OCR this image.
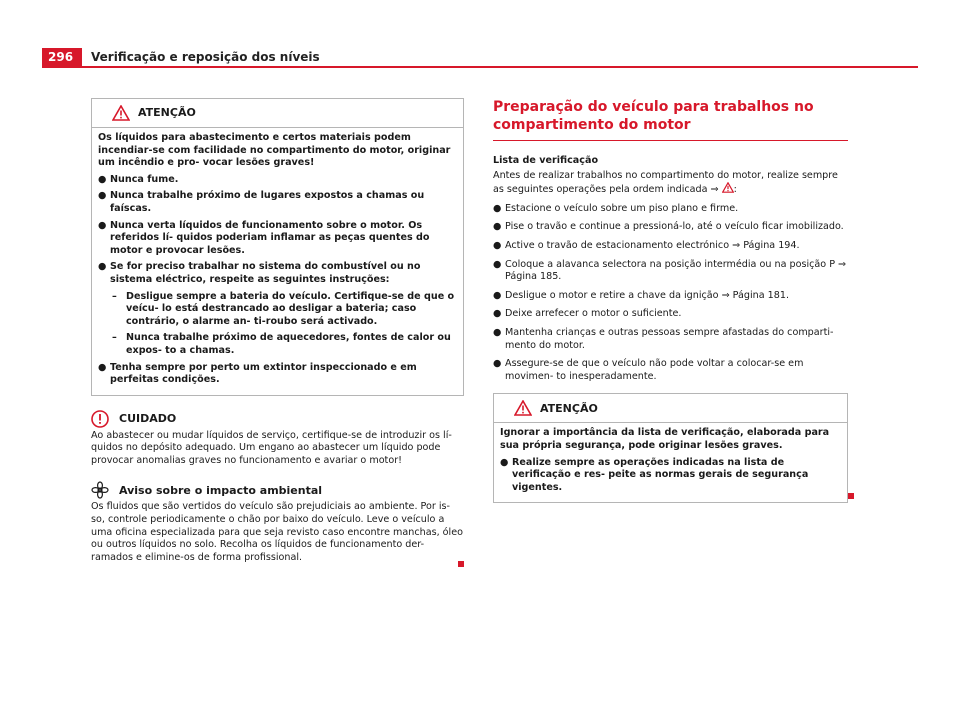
296	Verificação e reposição dos níveis
ATENÇÃO

Os líquidos para abastecimento e certos materiais podem incendiar-se com facilidade no compartimento do motor, originar um incêndio e pro- vocar lesões graves!

● Nunca fume.
● Nunca trabalhe próximo de lugares expostos a chamas ou faíscas.
● Nunca verta líquidos de funcionamento sobre o motor. Os referidos lí- quidos poderiam inflamar as peças quentes do motor e provocar lesões.
● Se for preciso trabalhar no sistema do combustível ou no sistema eléctrico, respeite as seguintes instruções:
– Desligue sempre a bateria do veículo. Certifique-se de que o veícu- lo está destrancado ao desligar a bateria; caso contrário, o alarme an- ti-roubo será activado.
– Nunca trabalhe próximo de aquecedores, fontes de calor ou expos- to a chamas.
● Tenha sempre por perto um extintor inspeccionado e em perfeitas condições.
CUIDADO

Ao abastecer ou mudar líquidos de serviço, certifique-se de introduzir os lí- quidos no depósito adequado. Um engano ao abastecer um líquido pode provocar anomalias graves no funcionamento e avariar o motor!

Aviso sobre o impacto ambiental

Os fluidos que são vertidos do veículo são prejudiciais ao ambiente. Por is- so, controle periodicamente o chão por baixo do veículo. Leve o veículo a uma oficina especializada para que seja revisto caso encontre manchas, óleo ou outros líquidos no solo. Recolha os líquidos de funcionamento der- ramados e elimine-os de forma profissional.

Preparação do veículo para trabalhos no compartimento do motor

Lista de verificação

Antes de realizar trabalhos no compartimento do motor, realize sempre as seguintes operações pela ordem indicada ⇒ :

● Estacione o veículo sobre um piso plano e firme.
● Pise o travão e continue a pressioná-lo, até o veículo ficar imobilizado.
● Active o travão de estacionamento electrónico ⇒ Página 194.
● Coloque a alavanca selectora na posição intermédia ou na posição P ⇒ Página 185.
● Desligue o motor e retire a chave da ignição ⇒ Página 181.
● Deixe arrefecer o motor o suficiente.
● Mantenha crianças e outras pessoas sempre afastadas do comparti- mento do motor.
● Assegure-se de que o veículo não pode voltar a colocar-se em movimen- to inesperadamente.
ATENÇÃO

Ignorar a importância da lista de verificação, elaborada para sua própria segurança, pode originar lesões graves.

● Realize sempre as operações indicadas na lista de verificação e res- peite as normas gerais de segurança vigentes.
